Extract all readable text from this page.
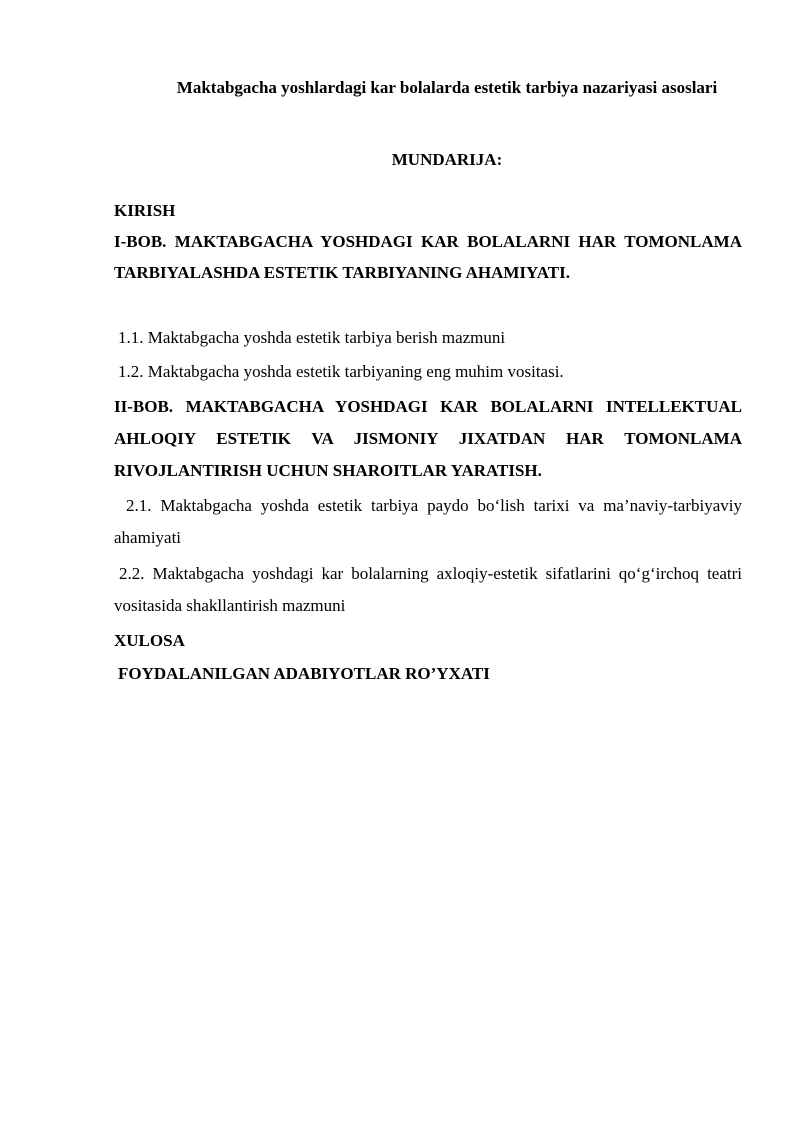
Maktabgacha yoshlardagi kar bolalarda estetik tarbiya nazariyasi asoslari
MUNDARIJA:
KIRISH
I-BOB. MAKTABGACHA YOSHDAGI KAR BOLALARNI HAR TOMONLAMA TARBIYALASHDA ESTETIK TARBIYANING AHAMIYATI.
1.1. Maktabgacha yoshda estetik tarbiya berish mazmuni
1.2. Maktabgacha yoshda estetik tarbiyaning eng muhim vositasi.
II-BOB. MAKTABGACHA YOSHDAGI KAR BOLALARNI INTELLEKTUAL AHLOQIY ESTETIK VA JISMONIY JIXATDAN HAR TOMONLAMA RIVOJLANTIRISH UCHUN SHAROITLAR YARATISH.
2.1. Maktabgacha yoshda estetik tarbiya paydo bo‘lish tarixi va ma’naviy-tarbiyaviy ahamiyati
2.2. Maktabgacha yoshdagi kar bolalarning axloqiy-estetik sifatlarini qo‘g‘irchoq teatri vositasida shakllantirish mazmuni
XULOSA
FOYDALANILGAN ADABIYOTLAR RO’YXATI
